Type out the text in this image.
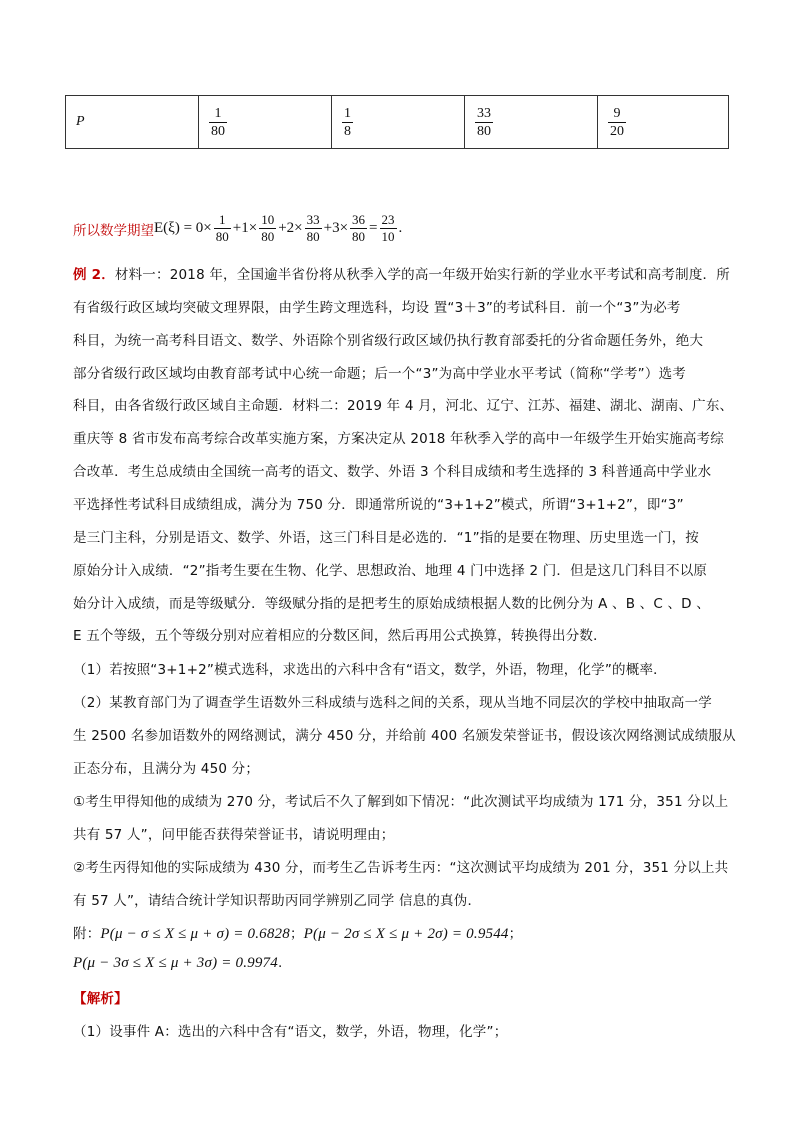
P	$\frac{1}{80}$	$\frac{1}{8}$	$\frac{33}{80}$	$\frac{9}{20}$
所以数学期望 $E(\xi) = 0\times \frac{1}{80} +1\times \frac{10}{80} +2\times \frac{33}{80} +3\times \frac{36}{80} = \frac{23}{10}$ .
例 2．材料一：2018 年，全国逾半省份将从秋季入学的高一年级开始实行新的学业水平考试和高考制度．所
有省级行政区域均突破文理界限，由学生跨文理选科，均设 置“3＋3”的考试科目．前一个“3”为必考
科目，为统一高考科目语文、数学、外语除个别省级行政区域仍执行教育部委托的分省命题任务外，绝大
部分省级行政区域均由教育部考试中心统一命题；后一个“3”为高中学业水平考试（简称“学考”）选考
科目，由各省级行政区域自主命题．材料二：2019 年 4 月，河北、辽宁、江苏、福建、湖北、湖南、广东、
重庆等 8 省市发布高考综合改革实施方案，方案决定从 2018 年秋季入学的高中一年级学生开始实施高考综
合改革．考生总成绩由全国统一高考的语文、数学、外语 3 个科目成绩和考生选择的 3 科普通高中学业水
平选择性考试科目成绩组成，满分为 750 分．即通常所说的“3+1+2”模式，所谓“3+1+2”，即“3”
是三门主科，分别是语文、数学、外语，这三门科目是必选的．“1”指的是要在物理、历史里选一门，按
原始分计入成绩．“2”指考生要在生物、化学、思想政治、地理 4 门中选择 2 门．但是这几门科目不以原
始分计入成绩，而是等级赋分．等级赋分指的是把考生的原始成绩根据人数的比例分为 A 、B 、C 、D 、
E 五个等级，五个等级分别对应着相应的分数区间，然后再用公式换算，转换得出分数．
（1）若按照“3+1+2”模式选科，求选出的六科中含有“语文，数学，外语，物理，化学”的概率．
（2）某教育部门为了调查学生语数外三科成绩与选科之间的关系，现从当地不同层次的学校中抽取高一学
生 2500 名参加语数外的网络测试，满分 450 分，并给前 400 名颁发荣誉证书，假设该次网络测试成绩服从
正态分布，且满分为 450 分；
①考生甲得知他的成绩为 270 分，考试后不久了解到如下情况：“此次测试平均成绩为 171 分，351 分以上
共有 57 人”，问甲能否获得荣誉证书，请说明理由；
②考生丙得知他的实际成绩为 430 分，而考生乙告诉考生丙：“这次测试平均成绩为 201 分，351 分以上共
有 57 人”，请结合统计学知识帮助丙同学辨别乙同学 信息的真伪．
附：P(μ − σ ≤ X ≤ μ + σ) = 0.6828；P(μ − 2σ ≤ X ≤ μ + 2σ) = 0.9544；
P(μ − 3σ ≤ X ≤ μ + 3σ) = 0.9974.
【解析】
（1）设事件 A：选出的六科中含有“语文，数学，外语，物理，化学”；
